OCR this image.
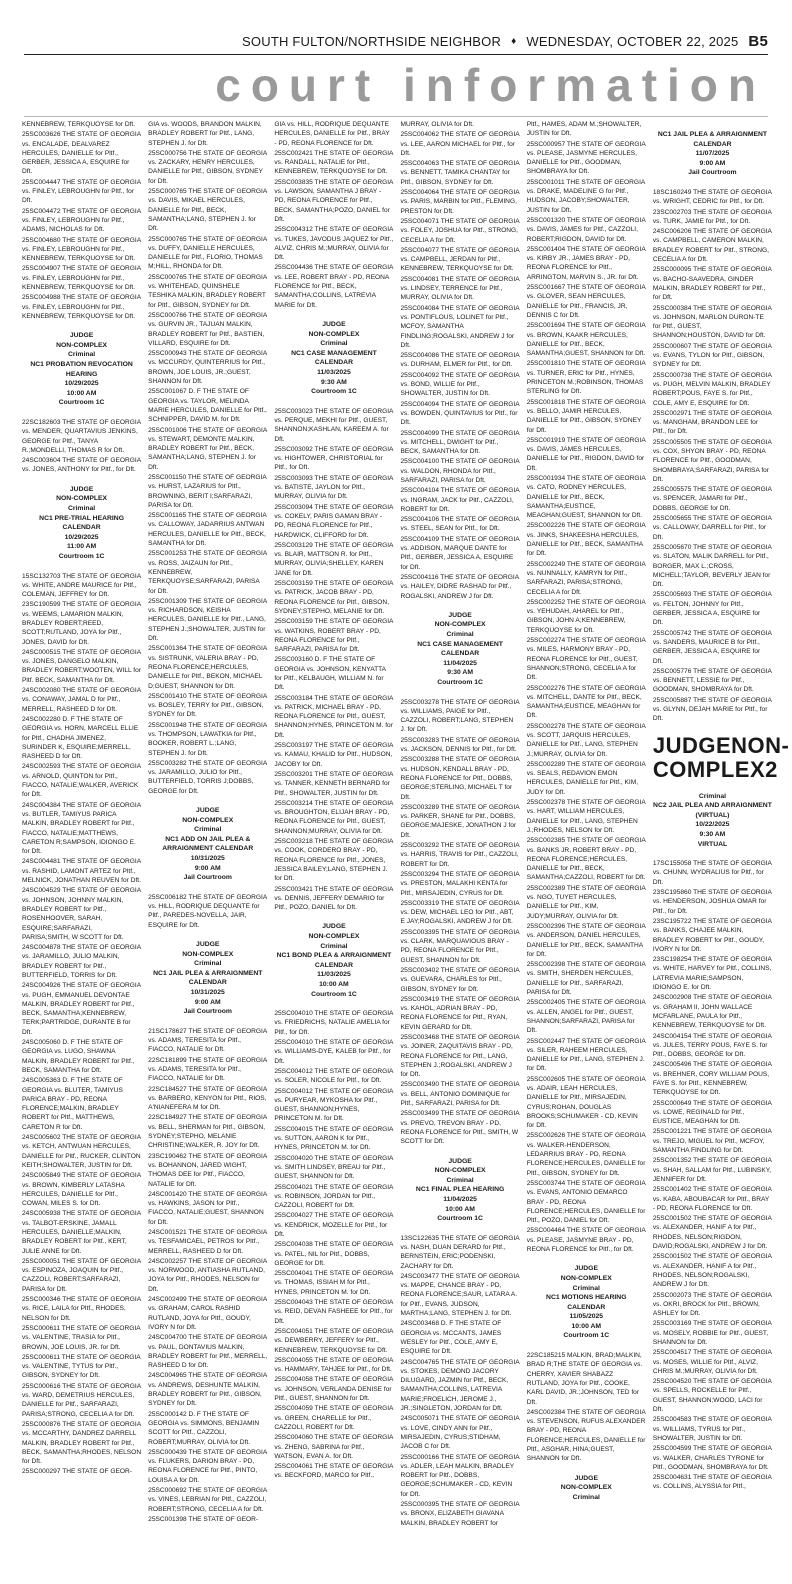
SOUTH FULTON/NORTHSIDE NEIGHBOR ♦ WEDNESDAY, OCTOBER 22, 2025 B5
court information
KENNEBREW, TERKQUOYSE for Dft.
25SC003626 THE STATE OF GEORGIA vs. ENCALADE, DEALVAREZ HERCULES, DANIELLE for Pltf., GERBER, JESSICA A, ESQUIRE for Dft.
25SC004447 THE STATE OF GEORGIA vs. FINLEY, LEBROUGHN for Pltf., for Dft.
25SC004472 THE STATE OF GEORGIA vs. FINLEY, LEBROUGHN for Pltf., ADAMS, NICHOLAS for Dft.
25SC004680 THE STATE OF GEORGIA vs. FINLEY, LEBROUGHN for Pltf., KENNEBREW, TERKQUOYSE for Dft.
25SC004907 THE STATE OF GEORGIA vs. FINLEY, LEBROUGHN for Pltf., KENNEBREW, TERKQUOYSE for Dft.
25SC004988 THE STATE OF GEORGIA vs. FINLEY, LEBROUGHN for Pltf., KENNEBREW, TERKQUOYSE for Dft.
JUDGE
NON-COMPLEX
Criminal
NC1 PROBATION REVOCATION HEARING
10/29/2025
10:00 AM
Courtroom 1C
22SC182603 THE STATE OF GEORGIA vs. MENDER, QUARTAVIUS JENKINS, GEORGE for Pltf., TANYA R.;MONDELLI, THOMAS R for Dft.
24SC003604 THE STATE OF GEORGIA vs. JONES, ANTHONY for Pltf., for Dft.
JUDGE
NON-COMPLEX
Criminal
NC1 PRE-TRIAL HEARING CALENDAR
10/29/2025
11:00 AM
Courtroom 1C
15SC132703 THE STATE OF GEORGIA vs. WHITE, ANDRE MAURICE for Pltf., COLEMAN, JEFFREY for Dft.
23SC190599 THE STATE OF GEORGIA vs. WEEMS, LAMARION MALKIN, BRADLEY ROBERT;REED, SCOTT;RUTLAND, JOYA for Pltf., JONES, DAVID for Dft.
24SC000515 THE STATE OF GEORGIA vs. JONES, DANGELO MALKIN, BRADLEY ROBERT;WOOTEN, WILL for Pltf. BECK, SAMANTHA for Dft.
24SC002080 THE STATE OF GEORGIA vs. CONAWAY, JAMAL D for Pltf., MERRELL, RASHEED D for Dft.
24SC002280 D. F THE STATE OF GEORGIA vs. HORN, MARCELL ELLIE for Pltf., CHADHA JIMENEZ, SURINDER K, ESQUIRE;MERRELL, RASHEED D for Dft.
24SC002593 THE STATE OF GEORGIA vs. ARNOLD, QUINTON for Pltf., FIACCO, NATALIE;WALKER, AVERICK for Dft.
24SC004384 THE STATE OF GEORGIA vs. BUTLER, TAMIYUS PARICA MALKIN, BRADLEY ROBERT for Pltf., FIACCO, NATALIE;MATTHEWS, CARETON R;SAMPSON, IDIONGO E. for Dft.
24SC004481 THE STATE OF GEORGIA vs. RASHID, LAMONT ARTEZ for Pltf., MELNICK, JONATHAN REUVEN for Dft.
24SC004529 THE STATE OF GEORGIA vs. JOHNSON, JOHNNY MALKIN, BRADLEY ROBERT for Pltf., ROSENHOOVER, SARAH, ESQUIRE;SARFARAZI, PARISA;SMITH, W SCOTT for Dft.
24SC004878 THE STATE OF GEORGIA vs. JARAMILLO, JULIO MALKIN, BRADLEY ROBERT for Pltf., BUTTERFIELD, TORRIS for Dft.
24SC004926 THE STATE OF GEORGIA vs. PUGH, EMMANUEL DEVONTAE MALKIN, BRADLEY ROBERT for Pltf., BECK, SAMANTHA;KENNEBREW, TERK;PARTRIDGE, DURANTE B for Dft.
24SC005060 D. F THE STATE OF GEORGIA vs. LUGO, SHAWNA MALKIN, BRADLEY ROBERT for Pltf., BECK, SAMANTHA for Dft.
24SC005363 D. F THE STATE OF GEORGIA vs. BLUTER, TAMIYUS PARICA BRAY - PD, REONA FLORENCE;MALKIN, BRADLEY ROBERT for Pltf., MATTHEWS, CARETON R for Dft.
24SC005602 THE STATE OF GEORGIA vs. KETCH, ANTWUAN HERCULES, DANIELLE for Pltf., RUCKER, CLINTON KEITH;SHOWALTER, JUSTIN for Dft.
24SC005849 THE STATE OF GEORGIA vs. BROWN, KIMBERLY LATASHA HERCULES, DANIELLE for Pltf., COWAN, MILES S. for Dft.
24SC005938 THE STATE OF GEORGIA vs. TALBOT-ERSKINE, JAMALL HERCULES, DANIELLE;MALKIN, BRADLEY ROBERT for Pltf., KERT, JULIE ANNE for Dft.
25SC000051 THE STATE OF GEORGIA vs. ESPINOZA, JOAQUIN for Pltf., CAZZOLI, ROBERT;SARFARAZI, PARISA for Dft.
25SC000346 THE STATE OF GEORGIA vs. RICE, LAILA for Pltf., RHODES, NELSON for Dft.
25SC000611 THE STATE OF GEORGIA vs. VALENTINE, TRASIA for Pltf., BROWN, JOE LOUIS, JR. for Dft.
25SC000611 THE STATE OF GEORGIA vs. VALENTINE, TYTUS for Pltf., GIBSON, SYDNEY for Dft.
25SC000616 THE STATE OF GEORGIA vs. WARD, DEMETRIUS HERCULES, DANIELLE for Pltf., SARFARAZI, PARISA;STRONG, CECELIA A for Dft.
25SC000876 THE STATE OF GEORGIA vs. MCCARTHY, DANDREZ DARRELL MALKIN, BRADLEY ROBERT for Pltf., BECK, SAMANTHA;RHODES, NELSON for Dft.
25SC000297 THE STATE OF GEOR-
GIA vs. WOODS, BRANDON MALKIN, BRADLEY ROBERT for Pltf., LANG, STEPHEN J. for Dft.
25SC000756 THE STATE OF GEORGIA vs. ZACKARY, HENRY HERCULES, DANIELLE for Pltf., GIBSON, SYDNEY for Dft.
25SC000765 THE STATE OF GEORGIA vs. DAVIS, MIKAEL HERCULES, DANIELLE for Pltf., BECK, SAMANTHA;LANG, STEPHEN J. for Dft.
25SC000765 THE STATE OF GEORGIA vs. DUFFY, DANIELLE HERCULES, DANIELLE for Pltf., FLORIO, THOMAS M;HILL, RHONDA for Dft.
25SC000765 THE STATE OF GEORGIA vs. WHITEHEAD, QUINSHELE TESHIKA MALKIN, BRADLEY ROBERT for Pltf., GIBSON, SYDNEY for Dft.
25SC000766 THE STATE OF GEORGIA vs. GURVIN JR., TAJUAN MALKIN, BRADLEY ROBERT for Pltf., BASTIEN, VILLARD, ESQUIRE for Dft.
25SC000943 THE STATE OF GEORGIA vs. MCCURDY, QUINTERRIUS for Pltf., BROWN, JOE LOUIS, JR.;GUEST, SHANNON for Dft.
25SC001067 D. F THE STATE OF GEORGIA vs. TAYLOR, MELINDA MARIE HERCULES, DANIELLE for Pltf., SCHNIPPER, DAVID M. for Dft.
25SC001006 THE STATE OF GEORGIA vs. STEWART, DEMONTE MALKIN, BRADLEY ROBERT for Pltf., BECK, SAMANTHA;LANG, STEPHEN J. for Dft.
25SC001150 THE STATE OF GEORGIA vs. HURST, LAZARIUS for Pltf., BROWNING, BERIT I;SARFARAZI, PARISA for Dft.
25SC001165 THE STATE OF GEORGIA vs. CALLOWAY, JADARRIUS ANTWAN HERCULES, DANIELLE for Pltf., BECK, SAMANTHA for Dft.
25SC001253 THE STATE OF GEORGIA vs. ROSS, JAIZAUN for Pltf., KENNEBREW, TERKQUOYSE;SARFARAZI, PARISA for Dft.
25SC001309 THE STATE OF GEORGIA vs. RICHARDSON, KEISHA HERCULES, DANIELLE for Pltf., LANG, STEPHEN J.;SHOWALTER, JUSTIN for Dft.
25SC001364 THE STATE OF GEORGIA vs. SISTRUNK, VALERIA BRAY - PD, REONA FLORENCE;HERCULES, DANIELLE for Pltf., BEKON, MICHAEL D;GUEST, SHANNON for Dft.
25SC001410 THE STATE OF GEORGIA vs. BOSLEY, TERRY for Pltf., GIBSON, SYDNEY for Dft.
25SC001948 THE STATE OF GEORGIA vs. THOMPSON, LAWATKIA for Pltf., BOOKER, ROBERT L.;LANG, STEPHEN J. for Dft.
25SC003282 THE STATE OF GEORGIA vs. JARAMILLO, JULIO for Pltf., BUTTERFIELD, TORRIS J;DOBBS, GEORGE for Dft.
JUDGE
NON-COMPLEX
Criminal
NC1 ADD ON JAIL PLEA & ARRAIGNMENT CALENDAR
10/31/2025
9:00 AM
Jail Courtroom
25SC006182 THE STATE OF GEORGIA vs. HILL, RODRIQUE DEQUANTE for Pltf., PAREDES-NOVELLA, JAIR, ESQUIRE for Dft.
JUDGE
NON-COMPLEX
Criminal
NC1 JAIL PLEA & ARRAIGNMENT CALENDAR
10/31/2025
9:00 AM
Jail Courtroom
21SC178627 THE STATE OF GEORGIA vs. ADAMS, TERESITA for Pltf., FIACCO, NATALIE for Dft.
22SC181899 THE STATE OF GEORGIA vs. ADAMS, TERESITA for Pltf., FIACCO, NATALIE for Dft.
22SC184527 THE STATE OF GEORGIA vs. BARBERO, KENYON for Pltf., RIOS, A'NIANEFERA M for Dft.
22SC184927 THE STATE OF GEORGIA vs. BELL, SHERMAN for Pltf., GIBSON, SYDNEY;STEPHO, MELANIE CHRISTINE;WALKER, R. JOY for Dft.
23SC190462 THE STATE OF GEORGIA vs. BOHANNON, JARED WIGHT, THOMAS DEE for Pltf., FIACCO, NATALIE for Dft.
24SC001420 THE STATE OF GEORGIA vs. HAWKINS, JASON for Pltf., FIACCO, NATALIE;GUEST, SHANNON for Dft.
24SC001521 THE STATE OF GEORGIA vs. TESFAMICAEL, PETROS for Pltf., MERRELL, RASHEED D for Dft.
24SC002257 THE STATE OF GEORGIA vs. NORWOOD, ANTIASHA RUTLAND, JOYA for Pltf., RHODES, NELSON for Dft.
24SC002499 THE STATE OF GEORGIA vs. GRAHAM, CAROL RASHID RUTLAND, JOYA for Pltf., GOUDY, IVORY N for Dft.
24SC004700 THE STATE OF GEORGIA vs. PAUL, DONTAVIUS MALKIN, BRADLEY ROBERT for Pltf., MERRELL, RASHEED D for Dft.
24SC004965 THE STATE OF GEORGIA vs. ANDREWS, DESHUNTE MALKIN, BRADLEY ROBERT for Pltf., GIBSON, SYDNEY for Dft.
25SC000142 D. F THE STATE OF GEORGIA vs. SIMMONS, BENJAMIN SCOTT for Pltf., CAZZOLI, ROBERT;MURRAY, OLIVIA for Dft.
25SC000439 THE STATE OF GEORGIA vs. FLUKERS, DARION BRAY - PD, REONA FLORENCE for Pltf., PINTO, LOUISA A for Dft.
25SC000692 THE STATE OF GEORGIA vs. VINES, LEBRIAN for Pltf., CAZZOLI, ROBERT;STRONG, CECELIA A for Dft.
25SC001398 THE STATE OF GEOR-
GIA vs. HILL, RODRIQUE DEQUANTE HERCULES, DANIELLE for Pltf., BRAY - PD, REONA FLORENCE for Dft.
25SC002421 THE STATE OF GEORGIA vs. RANDALL, NATALIE for Pltf., KENNEBREW, TERKQUOYSE for Dft.
25SC003835 THE STATE OF GEORGIA vs. LAWSON, SAMANTHA J BRAY - PD, REONA FLORENCE for Pltf., BECK, SAMANTHA;POZO, DANIEL for Dft.
25SC004312 THE STATE OF GEORGIA vs. TUKES, JAVODUS JAQUEZ for Pltf., ALVIZ, CHRIS M.;MURRAY, OLIVIA for Dft.
25SC004436 THE STATE OF GEORGIA vs. LEE, ROBERT BRAY - PD, REONA FLORENCE for Pltf., BECK, SAMANTHA;COLLINS, LATREVIA MARIE for Dft.
JUDGE
NON-COMPLEX
Criminal
NC1 CASE MANAGEMENT CALENDAR
11/03/2025
9:30 AM
Courtroom 1C
25SC003023 THE STATE OF GEORGIA vs. PERQUE, MEKHI for Pltf., GUEST, SHANNON;KASHLAN, KAREEM A. for Dft.
25SC003092 THE STATE OF GEORGIA vs. HIGHTOWER, CHRISTORIAL for Pltf., for Dft.
25SC003093 THE STATE OF GEORGIA vs. BATISTE, JAYLON for Pltf., MURRAY, OLIVIA for Dft.
25SC003094 THE STATE OF GEORGIA vs. COKELY, PARIS GAMAN BRAY - PD, REONA FLORENCE for Pltf., HARDWICK, CLIFFORD for Dft.
25SC003129 THE STATE OF GEORGIA vs. BLAIR, MATTSON R. for Pltf., MURRAY, OLIVIA;SHELLEY, KAREN JANE for Dft.
25SC003159 THE STATE OF GEORGIA vs. PATRICK, JACOB BRAY - PD, REONA FLORENCE for Pltf., GIBSON, SYDNEY;STEPHO, MELANIE for Dft.
25SC003159 THE STATE OF GEORGIA vs. WATKINS, ROBERT BRAY - PD, REONA FLORENCE for Pltf., SARFARAZI, PARISA for Dft.
25SC003160 D. F THE STATE OF GEORGIA vs. JOHNSON, KENYATTA for Pltf., KELBAUGH, WILLIAM N. for Dft.
25SC003184 THE STATE OF GEORGIA vs. PATRICK, MICHAEL BRAY - PD, REONA FLORENCE for Pltf., GUEST, SHANNON;HYNES, PRINCETON M. for Dft.
25SC003197 THE STATE OF GEORGIA vs. KAMAU, KHALID for Pltf., HUDSON, JACOBY for Dft.
25SC003201 THE STATE OF GEORGIA vs. TANNER, KENNETH BERNARD for Pltf., SHOWALTER, JUSTIN for Dft.
25SC003214 THE STATE OF GEORGIA vs. BROUGHTON, ELIJAH BRAY - PD, REONA FLORENCE for Pltf., GUEST, SHANNON;MURRAY, OLIVIA for Dft.
25SC003218 THE STATE OF GEORGIA vs. COOK, CORDERO BRAY - PD, REONA FLORENCE for Pltf., JONES, JESSICA BAILEY;LANG, STEPHEN J. for Dft.
25SC003421 THE STATE OF GEORGIA vs. DENNIS, JEFFERY DEMARIO for Pltf., POZO, DANIEL for Dft.
JUDGE
NON-COMPLEX
Criminal
NC1 BOND PLEA & ARRAIGNMENT CALENDAR
11/03/2025
10:00 AM
Courtroom 1C
25SC004010 THE STATE OF GEORGIA vs. FRIEDRICHS, NATALIE AMELIA for Pltf., for Dft.
25SC004010 THE STATE OF GEORGIA vs. WILLIAMS-DYE, KALEB for Pltf., for Dft.
25SC004012 THE STATE OF GEORGIA vs. SOLER, NICOLE for Pltf., for Dft.
25SC004012 THE STATE OF GEORGIA vs. PURYEAR, MYKOSHA for Pltf., GUEST, SHANNON;HYNES, PRINCETON M. for Dft.
25SC004015 THE STATE OF GEORGIA vs. SUTTON, AARON K for Pltf., HYNES, PRINCETON M. for Dft.
25SC004020 THE STATE OF GEORGIA vs. SMITH LINDSEY, BREAU for Pltf., GUEST, SHANNON for Dft.
25SC004021 THE STATE OF GEORGIA vs. ROBINSON, JORDAN for Pltf., CAZZOLI, ROBERT for Dft.
25SC004027 THE STATE OF GEORGIA vs. KENDRICK, MOZELLE for Pltf., for Dft.
25SC004038 THE STATE OF GEORGIA vs. PATEL, NIL for Pltf., DOBBS, GEORGE for Dft.
25SC004041 THE STATE OF GEORGIA vs. THOMAS, ISSIAH M for Pltf., HYNES, PRINCETON M. for Dft.
25SC004043 THE STATE OF GEORGIA vs. REID, DEVAN FASHEEE for Pltf., for Dft.
25SC004051 THE STATE OF GEORGIA vs. DEWBERRY, JEFFERY for Pltf., KENNEBREW, TERKQUOYSE for Dft.
25SC004055 THE STATE OF GEORGIA vs. HAMMARY, TAHJEE for Pltf., for Dft.
25SC004058 THE STATE OF GEORGIA vs. JOHNSON, VERLANDA DENISE for Pltf., GUEST, SHANNON for Dft.
25SC004059 THE STATE OF GEORGIA vs. GREEN, CHARELLE for Pltf., CAZZOLI, ROBERT for Dft.
25SC004060 THE STATE OF GEORGIA vs. ZHENG, SABRINA for Pltf., WATSON, EVAN A. for Dft.
25SC004061 THE STATE OF GEORGIA vs. BECKFORD, MARCO for Pltf.,
MURRAY, OLIVIA for Dft.
25SC004062 THE STATE OF GEORGIA vs. LEE, AARON MICHAEL for Pltf., for Dft.
25SC004063 THE STATE OF GEORGIA vs. BENNETT, TAMIKA CHANTAY for Pltf., GIBSON, SYDNEY for Dft.
25SC004064 THE STATE OF GEORGIA vs. PARIS, MARBIN for Pltf., FLEMING, PRESTON for Dft.
25SC004071 THE STATE OF GEORGIA vs. FOLEY, JOSHUA for Pltf., STRONG, CECELIA A for Dft.
25SC004077 THE STATE OF GEORGIA vs. CAMPBELL, JERDAN for Pltf., KENNEBREW, TERKQUOYSE for Dft.
25SC004081 THE STATE OF GEORGIA vs. LINDSEY, TERRENCE for Pltf., MURRAY, OLIVIA for Dft.
25SC004084 THE STATE OF GEORGIA vs. PONTIFLOUS, LOLINET for Pltf., MCFOY, SAMANTHA FINDLING;ROGALSKI, ANDREW J for Dft.
25SC004086 THE STATE OF GEORGIA vs. DURHAM, ELMER for Pltf., for Dft.
25SC004092 THE STATE OF GEORGIA vs. BOND, WILLIE for Pltf., SHOWALTER, JUSTIN for Dft.
25SC004094 THE STATE OF GEORGIA vs. BOWDEN, QUINTAVIUS for Pltf., for Dft.
25SC004099 THE STATE OF GEORGIA vs. MITCHELL, DWIGHT for Pltf., BECK, SAMANTHA for Dft.
25SC004100 THE STATE OF GEORGIA vs. WALDON, RHONDA for Pltf., SARFARAZI, PARISA for Dft.
25SC004104 THE STATE OF GEORGIA vs. INGRAM, JACK for Pltf., CAZZOLI, ROBERT for Dft.
25SC004106 THE STATE OF GEORGIA vs. STEEL, SEAN for Pltf., for Dft.
25SC004109 THE STATE OF GEORGIA vs. ADDISON, MARQUE DANTE for Pltf., GERBER, JESSICA A, ESQUIRE for Dft.
25SC004116 THE STATE OF GEORGIA vs. HAILEY, DIDRE RASHAD for Pltf., ROGALSKI, ANDREW J for Dft.
JUDGE
NON-COMPLEX
Criminal
NC1 CASE MANAGEMENT CALENDAR
11/04/2025
9:30 AM
Courtroom 1C
25SC003278 THE STATE OF GEORGIA vs. WILLIAMS, PAIGE for Pltf., CAZZOLI, ROBERT;LANG, STEPHEN J. for Dft.
25SC003283 THE STATE OF GEORGIA vs. JACKSON, DENNIS for Pltf., for Dft.
25SC003288 THE STATE OF GEORGIA vs. HUDSON, KENDALL BRAY - PD, REONA FLORENCE for Pltf., DOBBS, GEORGE;STERLING, MICHAEL T for Dft.
25SC003289 THE STATE OF GEORGIA vs. PARKER, SHANE for Pltf., DOBBS, GEORGE;MAJESKE, JONATHON J for Dft.
25SC003292 THE STATE OF GEORGIA vs. HARRIS, TRAVIS for Pltf., CAZZOLI, ROBERT for Dft.
25SC003294 THE STATE OF GEORGIA vs. PRESTON, MALAKHI KENTA for Pltf., MIRSAJEDIN, CYRUS for Dft.
25SC003319 THE STATE OF GEORGIA vs. DEW, MICHAEL LEO for Pltf., ABT, E JAY;ROGALSKI, ANDREW J for Dft.
25SC003395 THE STATE OF GEORGIA vs. CLARK, MARQUAVIOUS BRAY - PD, REONA FLORENCE for Pltf., GUEST, SHANNON for Dft.
25SC003402 THE STATE OF GEORGIA vs. GUEVARA, CHARLES for Pltf., GIBSON, SYDNEY for Dft.
25SC003419 THE STATE OF GEORGIA vs. KAHOL, ADRIAN BRAY - PD, REONA FLORENCE for Pltf., RYAN, KEVIN GERARD for Dft.
25SC003468 THE STATE OF GEORGIA vs. JOINER, ZAQUITAVIS BRAY - PD, REONA FLORENCE for Pltf., LANG, STEPHEN J.;ROGALSKI, ANDREW J for Dft.
25SC003490 THE STATE OF GEORGIA vs. BELL, ANTONIO DOMINIQUE for Pltf., SARFARAZI, PARISA for Dft.
25SC003499 THE STATE OF GEORGIA vs. PREVO, TREVON BRAY - PD, REONA FLORENCE for Pltf., SMITH, W SCOTT for Dft.
JUDGE
NON-COMPLEX
Criminal
NC1 FINAL PLEA HEARING
11/04/2025
10:00 AM
Courtroom 1C
13SC122635 THE STATE OF GEORGIA vs. NASH, DUAN DERARD for Pltf., BERNSTEIN, ERIC;PODENSKI, ZACHARY for Dft.
24SC003477 THE STATE OF GEORGIA vs. MAPPE, CHANCE BRAY - PD, REONA FLORENCE;SAUR, LATARA A. for Pltf., EVANS, JUDSON, MARTHA;LANG, STEPHEN J. for Dft.
24SC003468 D. F THE STATE OF GEORGIA vs. MCCANTS, JAMES WESLEY for Pltf., COLE, AMY E, ESQUIRE for Dft.
24SC004765 THE STATE OF GEORGIA vs. STOKES, DEMOND JACORY DILUGARD, JAZMIN for Pltf., BECK, SAMANTHA;COLLINS, LATREVIA MARIE;FROELICH, JEROME J., JR.;SINGLETON, JORDAN for Dft.
24SC005071 THE STATE OF GEORGIA vs. LOVE, CINDY ANN for Pltf., MIRSAJEDIN, CYRUS;STIDHAM, JACOB C for Dft.
25SC000166 THE STATE OF GEORGIA vs. ADLER, LEAH MALKIN, BRADLEY ROBERT for Pltf., DOBBS, GEORGE;SCHUMAKER - CD, KEVIN for Dft.
25SC000395 THE STATE OF GEORGIA vs. BRONX, ELIZABETH GIAVANA MALKIN, BRADLEY ROBERT for
Pltf., HAMES, ADAM M.;SHOWALTER, JUSTIN for Dft.
25SC000957 THE STATE OF GEORGIA vs. PLEASE, JASMYNE HERCULES, DANIELLE for Pltf., GOODMAN, SHOMBRAYA for Dft.
25SC001011 THE STATE OF GEORGIA vs. DRAKE, MADELINE G for Pltf., HUDSON, JACOBY;SHOWALTER, JUSTIN for Dft.
25SC001320 THE STATE OF GEORGIA vs. DAVIS, JAMES for Pltf., CAZZOLI, ROBERT;RIGDON, DAVID for Dft.
25SC001404 THE STATE OF GEORGIA vs. KIRBY JR., JAMES BRAY - PD, REONA FLORENCE for Pltf., ARRINGTON, MARVIN S., JR. for Dft.
25SC001667 THE STATE OF GEORGIA vs. GLOVER, SEAN HERCULES, DANIELLE for Pltf., FRANCIS, JR, DENNIS C for Dft.
25SC001694 THE STATE OF GEORGIA vs. BROWN, KAAKR HERCULES, DANIELLE for Pltf., BECK, SAMANTHA;GUEST, SHANNON for Dft.
25SC001810 THE STATE OF GEORGIA vs. TURNER, ERIC for Pltf., HYNES, PRINCETON M.;ROBINSON, THOMAS STERLING for Dft.
25SC001818 THE STATE OF GEORGIA vs. BELLO, JAMIR HERCULES, DANIELLE for Pltf., GIBSON, SYDNEY for Dft.
25SC001919 THE STATE OF GEORGIA vs. DAVIS, JAMES HERCULES, DANIELLE for Pltf., RIGDON, DAVID for Dft.
25SC001934 THE STATE OF GEORGIA vs. CATO, RODNEY HERCULES, DANIELLE for Pltf., BECK, SAMANTHA;EUSTICE, MEAGHAN;GUEST, SHANNON for Dft.
25SC002226 THE STATE OF GEORGIA vs. JINKS, SHAKEESHA HERCULES, DANIELLE for Pltf., BECK, SAMANTHA for Dft.
25SC002249 THE STATE OF GEORGIA vs. NUNNALLY, KAMRYN for Pltf., SARFARAZI, PARISA;STRONG, CECELIA A for Dft.
25SC002252 THE STATE OF GEORGIA vs. YEHUDAH, AHAREL for Pltf., GIBSON, JOHN A;KENNEBREW, TERKQUOYSE for Dft.
25SC002274 THE STATE OF GEORGIA vs. MILES, HARMONY BRAY - PD, REONA FLORENCE for Pltf., GUEST, SHANNON;STRONG, CECELIA A for Dft.
25SC002276 THE STATE OF GEORGIA vs. MITCHELL, DANTE for Pltf., BECK, SAMANTHA;EUSTICE, MEAGHAN for Dft.
25SC002278 THE STATE OF GEORGIA vs. SCOTT, JARQUIS HERCULES, DANIELLE for Pltf., LANG, STEPHEN J.;MURRAY, OLIVIA for Dft.
25SC002289 THE STATE OF GEORGIA vs. SEALS, REDAVION EMON HERCULES, DANIELLE for Pltf., KIM, JUDY for Dft.
25SC002378 THE STATE OF GEORGIA vs. HART, WILLIAM HERCULES, DANIELLE for Pltf., LANG, STEPHEN J.;RHODES, NELSON for Dft.
25SC002385 THE STATE OF GEORGIA vs. BANKS JR, ROBERT BRAY - PD, REONA FLORENCE;HERCULES, DANIELLE for Pltf., BECK, SAMANTHA;CAZZOLI, ROBERT for Dft.
25SC002389 THE STATE OF GEORGIA vs. NGO, TUYET HERCULES, DANIELLE for Pltf., KIM, JUDY;MURRAY, OLIVIA for Dft.
25SC002396 THE STATE OF GEORGIA vs. ANDERSON, DANIEL HERCULES, DANIELLE for Pltf., BECK, SAMANTHA for Dft.
25SC002398 THE STATE OF GEORGIA vs. SMITH, SHERDEN HERCULES, DANIELLE for Pltf., SARFARAZI, PARISA for Dft.
25SC002405 THE STATE OF GEORGIA vs. ALLEN, ANGEL for Pltf., GUEST, SHANNON;SARFARAZI, PARISA for Dft.
25SC002447 THE STATE OF GEORGIA vs. SILER, RAHEEM HERCULES, DANIELLE for Pltf., LANG, STEPHEN J. for Dft.
25SC002605 THE STATE OF GEORGIA vs. ADAIR, LEAH HERCULES, DANIELLE for Pltf., MIRSAJEDIN, CYRUS;ROHAN, DOUGLAS BROOKS;SCHUMAKER - CD, KEVIN for Dft.
25SC002626 THE STATE OF GEORGIA vs. WALKER-HENDERSON, LEDARRIUS BRAY - PD, REONA FLORENCE;HERCULES, DANIELLE for Pltf., GIBSON, SYDNEY for Dft.
25SC003744 THE STATE OF GEORGIA vs. EVANS, ANTONIO DEMARCO BRAY - PD, REONA FLORENCE;HERCULES, DANIELLE for Pltf., POZO, DANIEL for Dft.
25SC004464 THE STATE OF GEORGIA vs. PLEASE, JASMYNE BRAY - PD, REONA FLORENCE for Pltf., for Dft.
JUDGE
NON-COMPLEX
Criminal
NC1 MOTIONS HEARING CALENDAR
11/05/2025
10:00 AM
Courtroom 1C
22SC185215 MALKIN, BRAD;MALKIN, BRAD R;THE STATE OF GEORGIA vs. CHERRY, XAVIER SHABAZZ RUTLAND, JOYA for Pltf., COOKE, KARL DAVID, JR.;JOHNSON, TED for Dft.
24SC002384 THE STATE OF GEORGIA vs. STEVENSON, RUFUS ALEXANDER BRAY - PD, REONA FLORENCE;HERCULES, DANIELLE for Pltf., ASGHAR, HINA;GUEST, SHANNON for Dft.
JUDGE
NON-COMPLEX
Criminal
NC1 JAIL PLEA & ARRAIGNMENT CALENDAR
11/07/2025
9:00 AM
Jail Courtroom
18SC160249 THE STATE OF GEORGIA vs. WRIGHT, CEDRIC for Pltf., for Dft.
23SC002703 THE STATE OF GEORGIA vs. TURK, JAMIE for Pltf., for Dft.
24SC006206 THE STATE OF GEORGIA vs. CAMPBELL, CAMERON MALKIN, BRADLEY ROBERT for Pltf., STRONG, CECELIA A for Dft.
25SC000095 THE STATE OF GEORGIA vs. BACHO-SAAVEDRA, GINDER MALKIN, BRADLEY ROBERT for Pltf., for Dft.
25SC000384 THE STATE OF GEORGIA vs. JOHNSON, MARLON DURON-TE for Pltf., GUEST, SHANNON;HOUSTON, DAVID for Dft.
25SC000607 THE STATE OF GEORGIA vs. EVANS, TYLON for Pltf., GIBSON, SYDNEY for Dft.
25SC000738 THE STATE OF GEORGIA vs. PUGH, MELVIN MALKIN, BRADLEY ROBERT;POUS, FAYE S. for Pltf., COLE, AMY E, ESQUIRE for Dft.
25SC002971 THE STATE OF GEORGIA vs. MANGHAM, BRANDON LEE for Pltf., for Dft.
25SC005505 THE STATE OF GEORGIA vs. COX, SHYON BRAY - PD, REONA FLORENCE for Pltf., GOODMAN, SHOMBRAYA;SARFARAZI, PARISA for Dft.
25SC005575 THE STATE OF GEORGIA vs. SPENCER, JAMARI for Pltf., DOBBS, GEORGE for Dft.
25SC005655 THE STATE OF GEORGIA vs. CALLOWAY, DARRELL for Pltf., for Dft.
25SC005670 THE STATE OF GEORGIA vs. SLATON, MALIK DARRELL for Pltf., BORGER, MAX L.;CROSS, MICHELL;TAYLOR, BEVERLY JEAN for Dft.
25SC005693 THE STATE OF GEORGIA vs. FELTON, JOHNNY for Pltf., GERBER, JESSICA A, ESQUIRE for Dft.
25SC005742 THE STATE OF GEORGIA vs. SANDERS, MAURICE B for Pltf., GERBER, JESSICA A, ESQUIRE for Dft.
25SC005776 THE STATE OF GEORGIA vs. BENNETT, LESSIE for Pltf., GOODMAN, SHOMBRAYA for Dft.
25SC005887 THE STATE OF GEORGIA vs. GLYNN, DEJAH MARIE for Pltf., for Dft.
JUDGENON-COMPLEX2
Criminal
NC2 JAIL PLEA AND ARRAIGNMENT (VIRTUAL)
10/22/2025
9:30 AM
VIRTUAL
17SC155058 THE STATE OF GEORGIA vs. CHUNN, WYDRALIUS for Pltf., for Dft.
23SC195860 THE STATE OF GEORGIA vs. HENDERSON, JOSHUA OMAR for Pltf., for Dft.
23SC195722 THE STATE OF GEORGIA vs. BANKS, CHAJEE MALKIN, BRADLEY ROBERT for Pltf., GOUDY, IVORY N for Dft.
23SC198254 THE STATE OF GEORGIA vs. WHITE, HARVEY for Pltf., COLLINS, LATREVIA MARIE;SAMPSON, IDIONGO E. for Dft.
24SC002908 THE STATE OF GEORGIA vs. GRAHAM II, JOHN WALLACE MCFARLANE, PAULA for Pltf., KENNEBREW, TERKQUOYSE for Dft.
24SC004154 THE STATE OF GEORGIA vs. JULES, TERRY POUS, FAYE S. for Pltf., DOBBS, GEORGE for Dft.
24SC005496 THE STATE OF GEORGIA vs. BREHNER, CORY WILLIAM POUS, FAYE S. for Pltf., KENNEBREW, TERKQUOYSE for Dft.
25SC000649 THE STATE OF GEORGIA vs. LOWE, REGINALD for Pltf., EUSTICE, MEAGHAN for Dft.
25SC001221 THE STATE OF GEORGIA vs. TREJO, MIGUEL for Pltf., MCFOY, SAMANTHA FINDLING for Dft.
25SC001352 THE STATE OF GEORGIA vs. SHAH, SALLAM for Pltf., LUBINSKY, JENNIFER for Dft.
25SC001402 THE STATE OF GEORGIA vs. KABA, ABOUBACAR for Pltf., BRAY - PD, REONA FLORENCE for Dft.
25SC001502 THE STATE OF GEORGIA vs. ALEXANDER, HANIF A for Pltf., RHODES, NELSON;RIGDON, DAVID;ROGALSKI, ANDREW J for Dft.
25SC001502 THE STATE OF GEORGIA vs. ALEXANDER, HANIF A for Pltf., RHODES, NELSON;ROGALSKI, ANDREW J for Dft.
25SC002073 THE STATE OF GEORGIA vs. OKRI, BROCK for Pltf., BROWN, ASHLEY for Dft.
25SC003169 THE STATE OF GEORGIA vs. MOSELY, ROBBIE for Pltf., GUEST, SHANNON for Dft.
25SC004517 THE STATE OF GEORGIA vs. MOSES, WILLIE for Pltf., ALVIZ, CHRIS M.;MURRAY, OLIVIA for Dft.
25SC004520 THE STATE OF GEORGIA vs. SPELLS, ROCKELLE for Pltf., GUEST, SHANNON;WOOD, LACI for Dft.
25SC004583 THE STATE OF GEORGIA vs. WILLIAMS, TYRUS for Pltf., SHOWALTER, JUSTIN for Dft.
25SC004599 THE STATE OF GEORGIA vs. WALKER, CHARLES TYRONE for Pltf., GOODMAN, SHOMBRAYA for Dft.
25SC004631 THE STATE OF GEORGIA vs. COLLINS, ALYSSIA for Pltf.,
